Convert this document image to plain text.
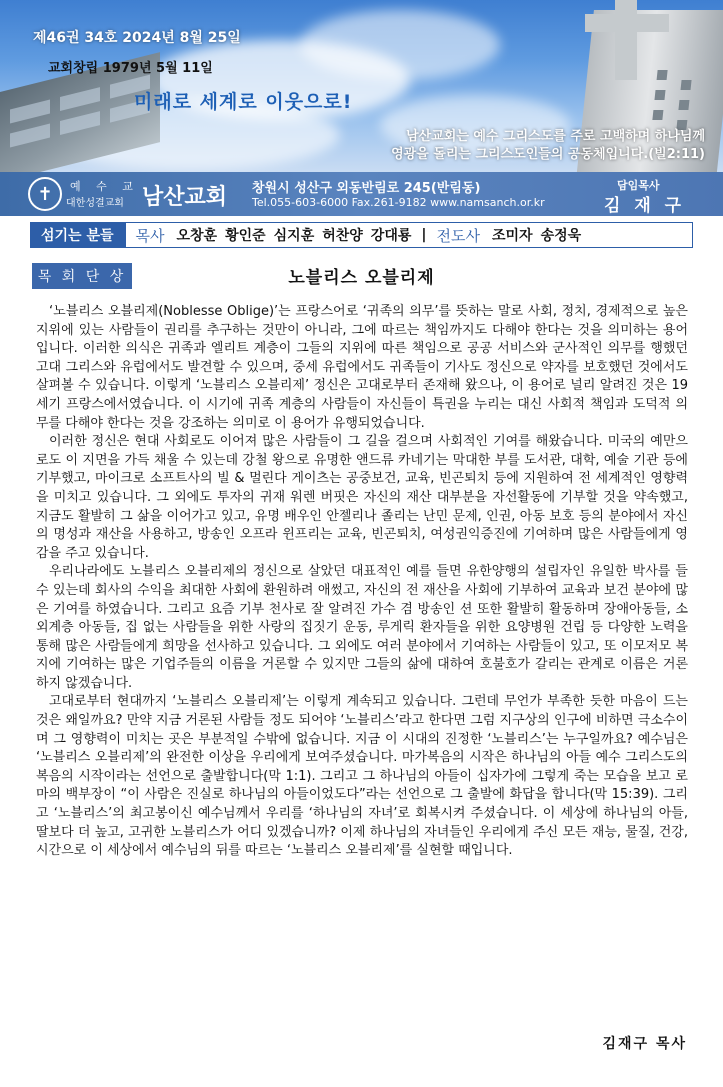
제46권 34호 2024년 8월 25일
교회창립 1979년 5월 11일
미래로 세계로 이웃으로!
남산교회는 예수 그리스도를 주로 고백하며 하나님께
영광을 돌리는 그리스도인들의 공동체입니다.(빌2:11)
✝	예 수 교
대한성결교회 남산교회 창원시 성산구 외동반림로 245(반림동)
Tel.055-603-6000 Fax.261-9182 www.namsanch.or.kr
담임목사
김 재 구
섬기는 분들	목사 오창훈 황인준 심지훈 허찬양 강대룡 | 전도사 조미자 송정욱
목 회 단 상	노블리스 오블리제

‘노블리스 오블리제(Noblesse Oblige)’는 프랑스어로 ‘귀족의 의무’를 뜻하는 말로 사회, 정치, 경제적으로 높은 지위에 있는 사람들이 권리를 추구하는 것만이 아니라, 그에 따르는 책임까지도 다해야 한다는 것을 의미하는 용어입니다. 이러한 의식은 귀족과 엘리트 계층이 그들의 지위에 따른 책임으로 공공 서비스와 군사적인 의무를 행했던 고대 그리스와 유럽에서도 발견할 수 있으며, 중세 유럽에서도 귀족들이 기사도 정신으로 약자를 보호했던 것에서도 살펴볼 수 있습니다. 이렇게 ‘노블리스 오블리제’ 정신은 고대로부터 존재해 왔으나, 이 용어로 널리 알려진 것은 19세기 프랑스에서였습니다. 이 시기에 귀족 계층의 사람들이 자신들이 특권을 누리는 대신 사회적 책임과 도덕적 의무를 다해야 한다는 것을 강조하는 의미로 이 용어가 유행되었습니다.

이러한 정신은 현대 사회로도 이어져 많은 사람들이 그 길을 걸으며 사회적인 기여를 해왔습니다. 미국의 예만으로도 이 지면을 가득 채울 수 있는데 강철 왕으로 유명한 앤드류 카네기는 막대한 부를 도서관, 대학, 예술 기관 등에 기부했고, 마이크로 소프트사의 빌 & 멀린다 게이츠는 공중보건, 교육, 빈곤퇴치 등에 지원하여 전 세계적인 영향력을 미치고 있습니다. 그 외에도 투자의 귀재 워렌 버핏은 자신의 재산 대부분을 자선활동에 기부할 것을 약속했고, 지금도 활발히 그 삶을 이어가고 있고, 유명 배우인 안젤리나 졸리는 난민 문제, 인권, 아동 보호 등의 분야에서 자신의 명성과 재산을 사용하고, 방송인 오프라 윈프리는 교육, 빈곤퇴치, 여성권익증진에 기여하며 많은 사람들에게 영감을 주고 있습니다.

우리나라에도 노블리스 오블리제의 정신으로 살았던 대표적인 예를 들면 유한양행의 설립자인 유일한 박사를 들 수 있는데 회사의 수익을 최대한 사회에 환원하려 애썼고, 자신의 전 재산을 사회에 기부하여 교육과 보건 분야에 많은 기여를 하였습니다. 그리고 요즘 기부 천사로 잘 알려진 가수 겸 방송인 션 또한 활발히 활동하며 장애아동들, 소외계층 아동들, 집 없는 사람들을 위한 사랑의 집짓기 운동, 루게릭 환자들을 위한 요양병원 건립 등 다양한 노력을 통해 많은 사람들에게 희망을 선사하고 있습니다. 그 외에도 여러 분야에서 기여하는 사람들이 있고, 또 이모저모 복지에 기여하는 많은 기업주들의 이름을 거론할 수 있지만 그들의 삶에 대하여 호불호가 갈리는 관계로 이름은 거론하지 않겠습니다.

고대로부터 현대까지 ‘노블리스 오블리제’는 이렇게 계속되고 있습니다. 그런데 무언가 부족한 듯한 마음이 드는 것은 왜일까요? 만약 지금 거론된 사람들 정도 되어야 ‘노블리스’라고 한다면 그럼 지구상의 인구에 비하면 극소수이며 그 영향력이 미치는 곳은 부분적일 수밖에 없습니다. 지금 이 시대의 진정한 ‘노블리스’는 누구일까요? 예수님은 ‘노블리스 오블리제’의 완전한 이상을 우리에게 보여주셨습니다. 마가복음의 시작은 하나님의 아들 예수 그리스도의 복음의 시작이라는 선언으로 출발합니다(막 1:1). 그리고 그 하나님의 아들이 십자가에 그렇게 죽는 모습을 보고 로마의 백부장이 “이 사람은 진실로 하나님의 아들이었도다”라는 선언으로 그 출발에 화답을 합니다(막 15:39). 그리고 ‘노블리스’의 최고봉이신 예수님께서 우리를 ‘하나님의 자녀’로 회복시켜 주셨습니다. 이 세상에 하나님의 아들, 딸보다 더 높고, 고귀한 노블리스가 어디 있겠습니까? 이제 하나님의 자녀들인 우리에게 주신 모든 재능, 물질, 건강, 시간으로 이 세상에서 예수님의 뒤를 따르는 ‘노블리스 오블리제’를 실현할 때입니다.

김재구 목사
